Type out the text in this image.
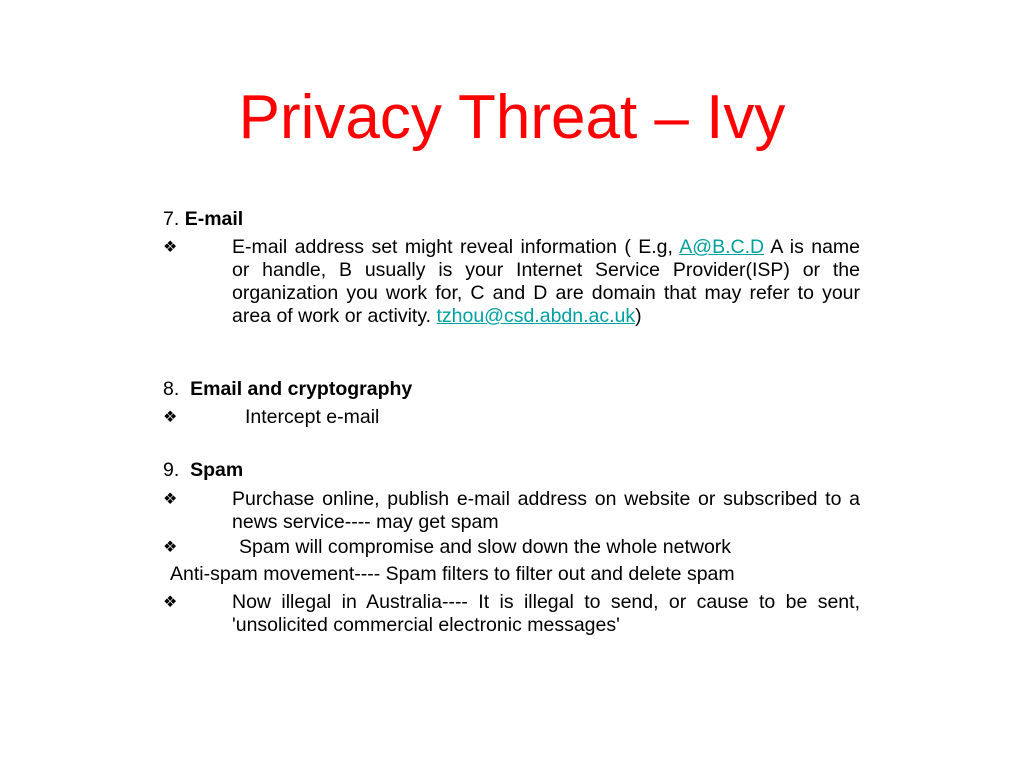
Privacy Threat – Ivy
7. E-mail
❖	E-mail address set might reveal information ( E.g, A@B.C.D A is name or handle, B usually is your Internet Service Provider(ISP) or the organization you work for, C and D are domain that may refer to your area of work or activity. tzhou@csd.abdn.ac.uk)
8. Email and cryptography
❖	Intercept e-mail
9. Spam
❖	Purchase online, publish e-mail address on website or subscribed to a news service---- may get spam
❖	Spam will compromise and slow down the whole network
Anti-spam movement---- Spam filters to filter out and delete spam
❖	Now illegal in Australia---- It is illegal to send, or cause to be sent, 'unsolicited commercial electronic messages'
